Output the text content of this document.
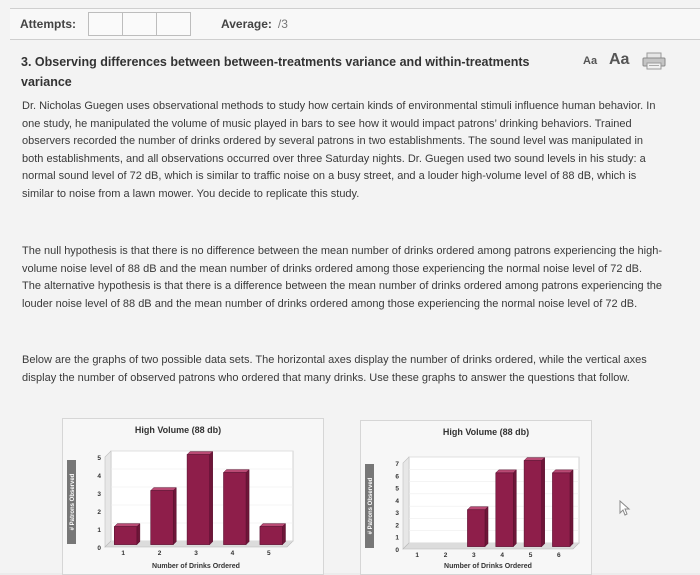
Attempts:	Average: /3
3. Observing differences between between-treatments variance and within-treatments variance
Aa Aa
Dr. Nicholas Guegen uses observational methods to study how certain kinds of environmental stimuli influence human behavior. In one study, he manipulated the volume of music played in bars to see how it would impact patrons’ drinking behaviors. Trained observers recorded the number of drinks ordered by several patrons in two establishments. The sound level was manipulated in both establishments, and all observations occurred over three Saturday nights. Dr. Guegen used two sound levels in his study: a normal sound level of 72 dB, which is similar to traffic noise on a busy street, and a louder high-volume level of 88 dB, which is similar to noise from a lawn mower. You decide to replicate this study.
The null hypothesis is that there is no difference between the mean number of drinks ordered among patrons experiencing the high-volume noise level of 88 dB and the mean number of drinks ordered among those experiencing the normal noise level of 72 dB. The alternative hypothesis is that there is a difference between the mean number of drinks ordered among patrons experiencing the louder noise level of 88 dB and the mean number of drinks ordered among those experiencing the normal noise level of 72 dB.
Below are the graphs of two possible data sets. The horizontal axes display the number of drinks ordered, while the vertical axes display the number of observed patrons who ordered that many drinks. Use these graphs to answer the questions that follow.
High Volume (88 db)
0
1
2
3
4
5
1	2	3	4	5
Number of Drinks Ordered
# Patrons Observed
High Volume (88 db)
0
1
2
3
4
5
6
7
1	2	3	4	5	6
Number of Drinks Ordered
# Patrons Observed
